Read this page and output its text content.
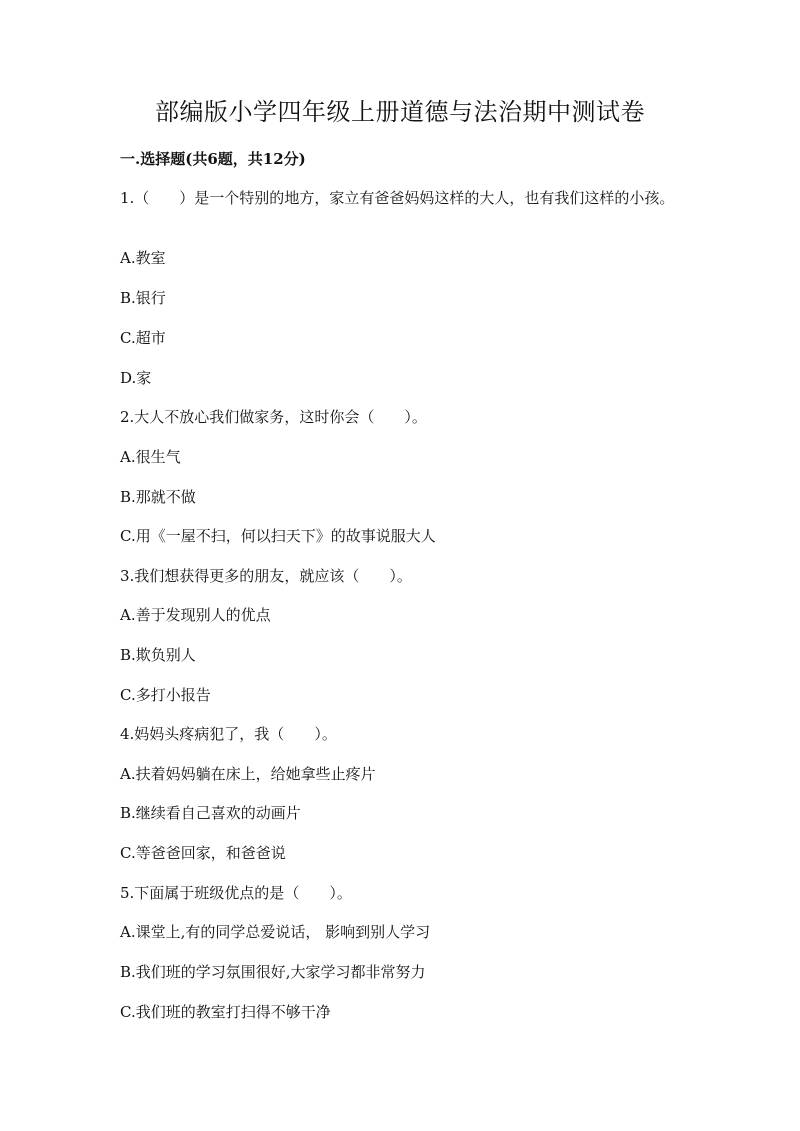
部编版小学四年级上册道德与法治期中测试卷

一.选择题(共6题，共12分)

1.（　　）是一个特别的地方，家立有爸爸妈妈这样的大人，也有我们这样的小孩。

A.教室

B.银行

C.超市

D.家

2.大人不放心我们做家务，这时你会（　　）。

A.很生气

B.那就不做

C.用《一屋不扫，何以扫天下》的故事说服大人

3.我们想获得更多的朋友，就应该（　　）。

A.善于发现别人的优点

B.欺负别人

C.多打小报告

4.妈妈头疼病犯了，我（　　）。

A.扶着妈妈躺在床上，给她拿些止疼片

B.继续看自己喜欢的动画片

C.等爸爸回家，和爸爸说

5.下面属于班级优点的是（　　）。

A.课堂上,有的同学总爱说话， 影响到别人学习

B.我们班的学习氛围很好,大家学习都非常努力

C.我们班的教室打扫得不够干净
